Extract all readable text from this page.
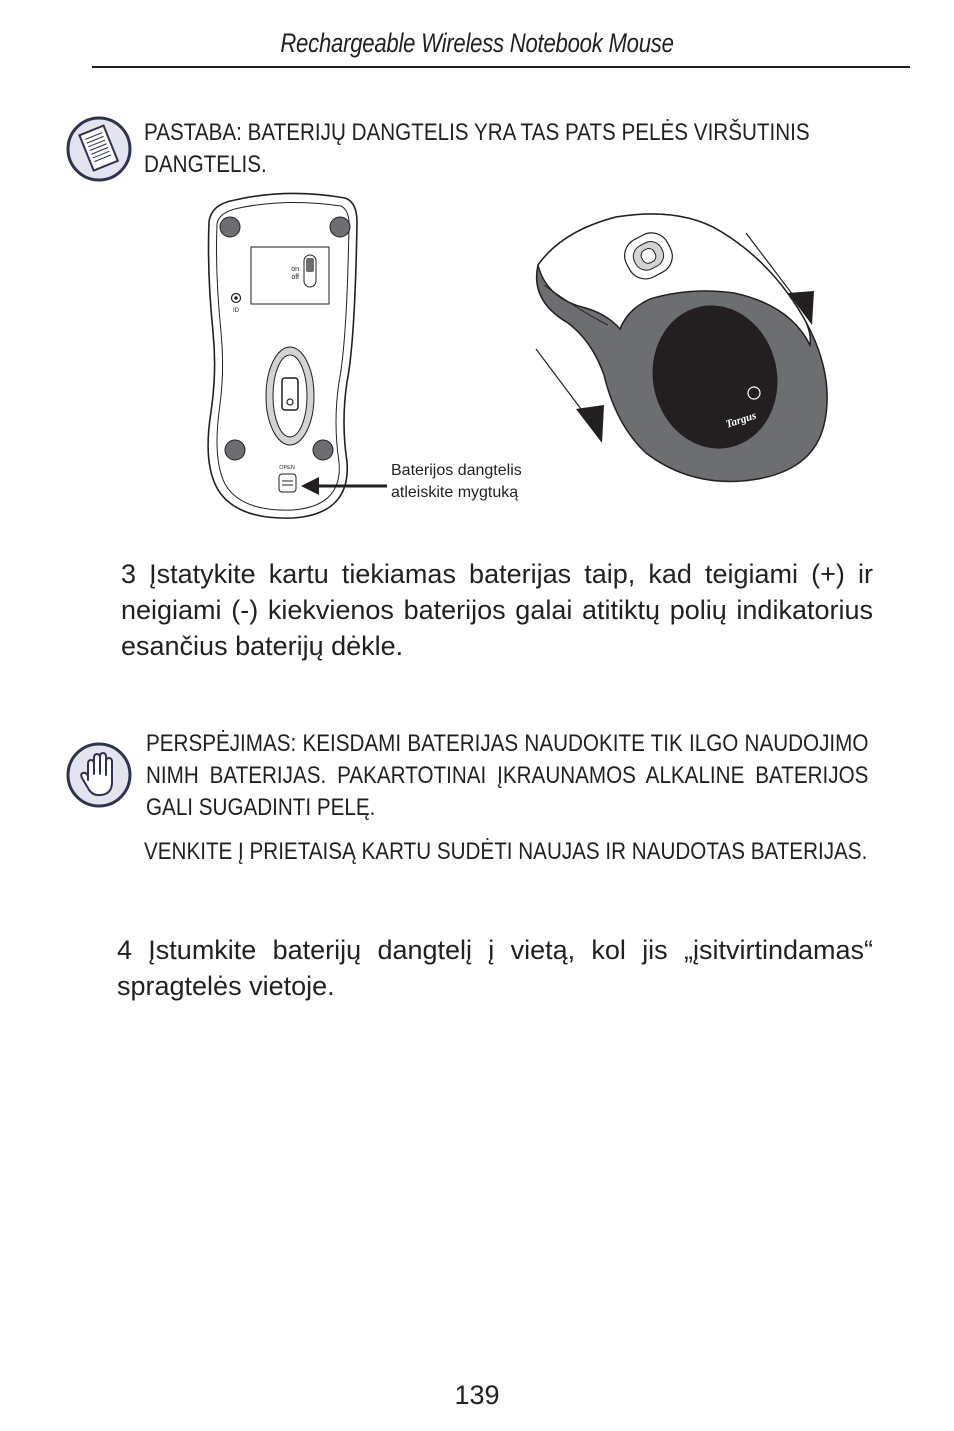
Rechargeable Wireless Notebook Mouse
PASTABA: BATERIJŲ DANGTELIS YRA TAS PATS PELĖS VIRŠUTINIS DANGTELIS.
on
off
ID
OPEN	Baterijos dangtelis
atleiskite mygtuką
Targus
3 Įstatykite kartu tiekiamas baterijas taip, kad teigiami (+) ir neigiami (-) kiekvienos baterijos galai atitiktų polių indikatorius esančius baterijų dėkle.
PERSPĖJIMAS: KEISDAMI BATERIJAS NAUDOKITE TIK ILGO NAUDOJIMO NIMH BATERIJAS. PAKARTOTINAI ĮKRAUNAMOS ALKALINE BATERIJOS GALI SUGADINTI PELĘ.
VENKITE Į PRIETAISĄ KARTU SUDĖTI NAUJAS IR NAUDOTAS BATERIJAS.
4 Įstumkite baterijų dangtelį į vietą, kol jis „įsitvirtindamas“ spragtelės vietoje.
139
